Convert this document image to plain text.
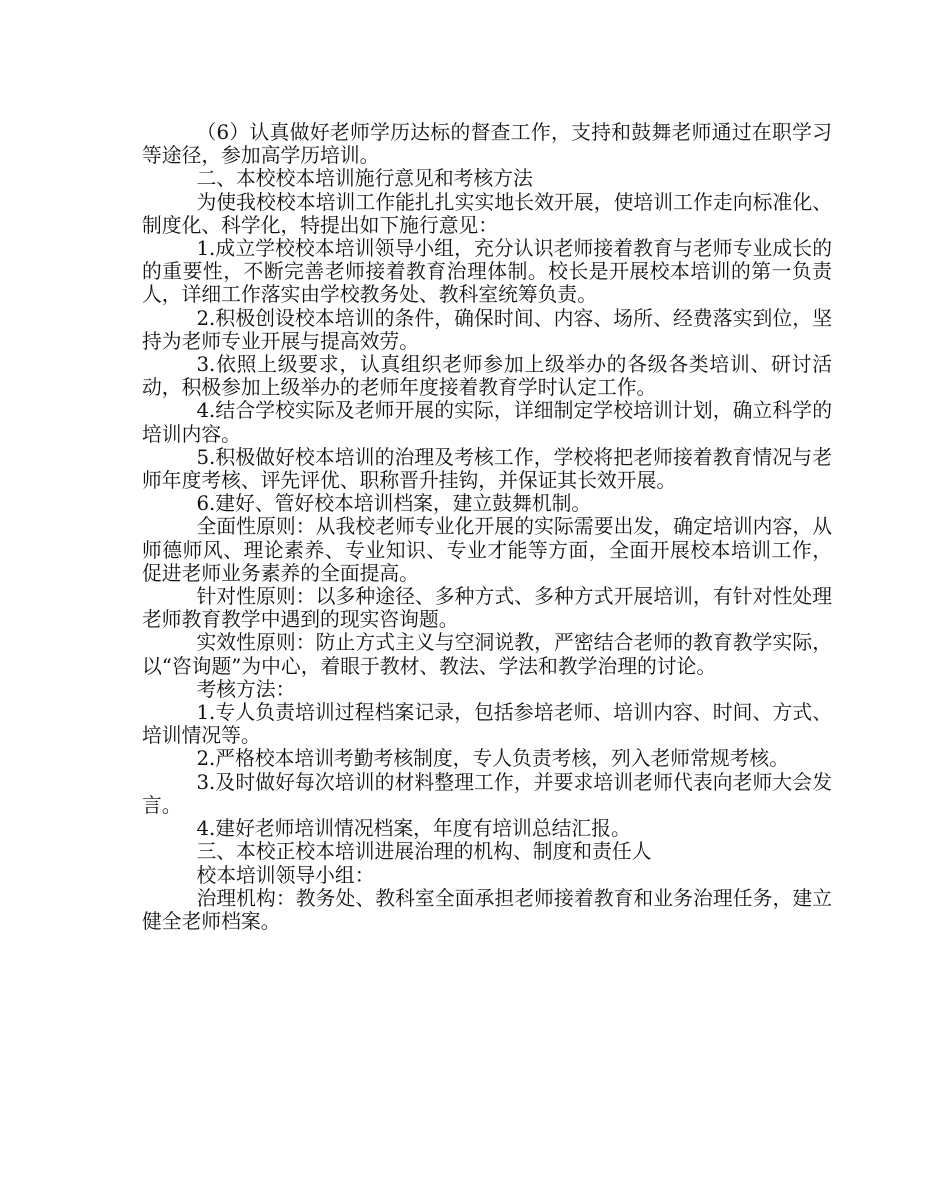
（6）认真做好老师学历达标的督查工作，支持和鼓舞老师通过在职学习等途径，参加高学历培训。

二、本校校本培训施行意见和考核方法

为使我校校本培训工作能扎扎实实地长效开展，使培训工作走向标准化、制度化、科学化，特提出如下施行意见：

1.成立学校校本培训领导小组，充分认识老师接着教育与老师专业成长的的重要性，不断完善老师接着教育治理体制。校长是开展校本培训的第一负责人，详细工作落实由学校教务处、教科室统筹负责。

2.积极创设校本培训的条件，确保时间、内容、场所、经费落实到位，坚持为老师专业开展与提高效劳。

3.依照上级要求，认真组织老师参加上级举办的各级各类培训、研讨活动，积极参加上级举办的老师年度接着教育学时认定工作。

4.结合学校实际及老师开展的实际，详细制定学校培训计划，确立科学的培训内容。

5.积极做好校本培训的治理及考核工作，学校将把老师接着教育情况与老师年度考核、评先评优、职称晋升挂钩，并保证其长效开展。

6.建好、管好校本培训档案，建立鼓舞机制。

全面性原则：从我校老师专业化开展的实际需要出发，确定培训内容，从师德师风、理论素养、专业知识、专业才能等方面，全面开展校本培训工作，促进老师业务素养的全面提高。

针对性原则：以多种途径、多种方式、多种方式开展培训，有针对性处理老师教育教学中遇到的现实咨询题。

实效性原则：防止方式主义与空洞说教，严密结合老师的教育教学实际，以“咨询题”为中心，着眼于教材、教法、学法和教学治理的讨论。

考核方法：

1.专人负责培训过程档案记录，包括参培老师、培训内容、时间、方式、培训情况等。

2.严格校本培训考勤考核制度，专人负责考核，列入老师常规考核。

3.及时做好每次培训的材料整理工作，并要求培训老师代表向老师大会发言。

4.建好老师培训情况档案，年度有培训总结汇报。

三、本校正校本培训进展治理的机构、制度和责任人

校本培训领导小组：

治理机构：教务处、教科室全面承担老师接着教育和业务治理任务，建立健全老师档案。
